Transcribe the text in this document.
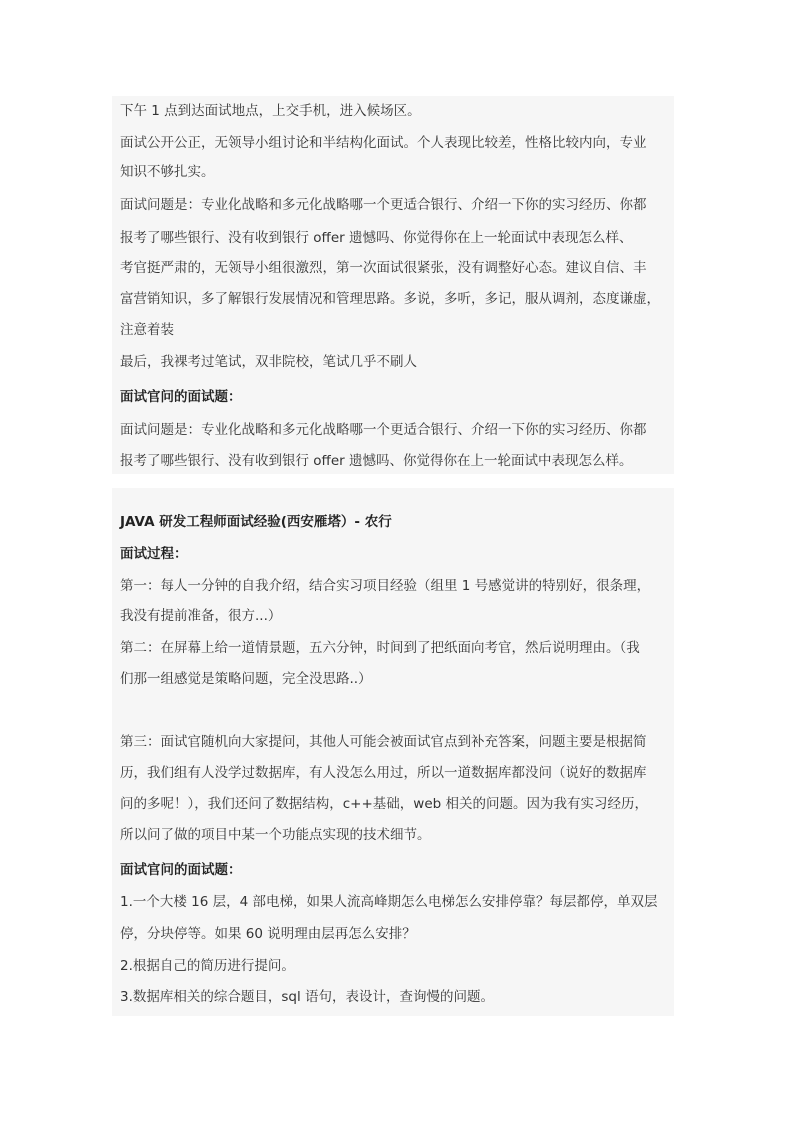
下午 1 点到达面试地点，上交手机，进入候场区。
面试公开公正，无领导小组讨论和半结构化面试。个人表现比较差，性格比较内向，专业
知识不够扎实。
面试问题是：专业化战略和多元化战略哪一个更适合银行、介绍一下你的实习经历、你都
报考了哪些银行、没有收到银行 offer 遗憾吗、你觉得你在上一轮面试中表现怎么样、
考官挺严肃的，无领导小组很激烈，第一次面试很紧张，没有调整好心态。建议自信、丰
富营销知识，多了解银行发展情况和管理思路。多说，多听，多记，服从调剂，态度谦虚，
注意着装
最后，我裸考过笔试，双非院校，笔试几乎不刷人
面试官问的面试题：
面试问题是：专业化战略和多元化战略哪一个更适合银行、介绍一下你的实习经历、你都
报考了哪些银行、没有收到银行 offer 遗憾吗、你觉得你在上一轮面试中表现怎么样。
JAVA 研发工程师面试经验(西安雁塔）- 农行
面试过程：
第一：每人一分钟的自我介绍，结合实习项目经验（组里 1 号感觉讲的特别好，很条理，
我没有提前准备，很方...）
第二：在屏幕上给一道情景题，五六分钟，时间到了把纸面向考官，然后说明理由。（我
们那一组感觉是策略问题，完全没思路..）
第三：面试官随机向大家提问，其他人可能会被面试官点到补充答案，问题主要是根据简
历，我们组有人没学过数据库，有人没怎么用过，所以一道数据库都没问（说好的数据库
问的多呢！），我们还问了数据结构，c++基础，web 相关的问题。因为我有实习经历，
所以问了做的项目中某一个功能点实现的技术细节。
面试官问的面试题：
1.一个大楼 16 层，4 部电梯，如果人流高峰期怎么电梯怎么安排停靠？每层都停，单双层
停，分块停等。如果 60 说明理由层再怎么安排？
2.根据自己的简历进行提问。
3.数据库相关的综合题目，sql 语句，表设计，查询慢的问题。
